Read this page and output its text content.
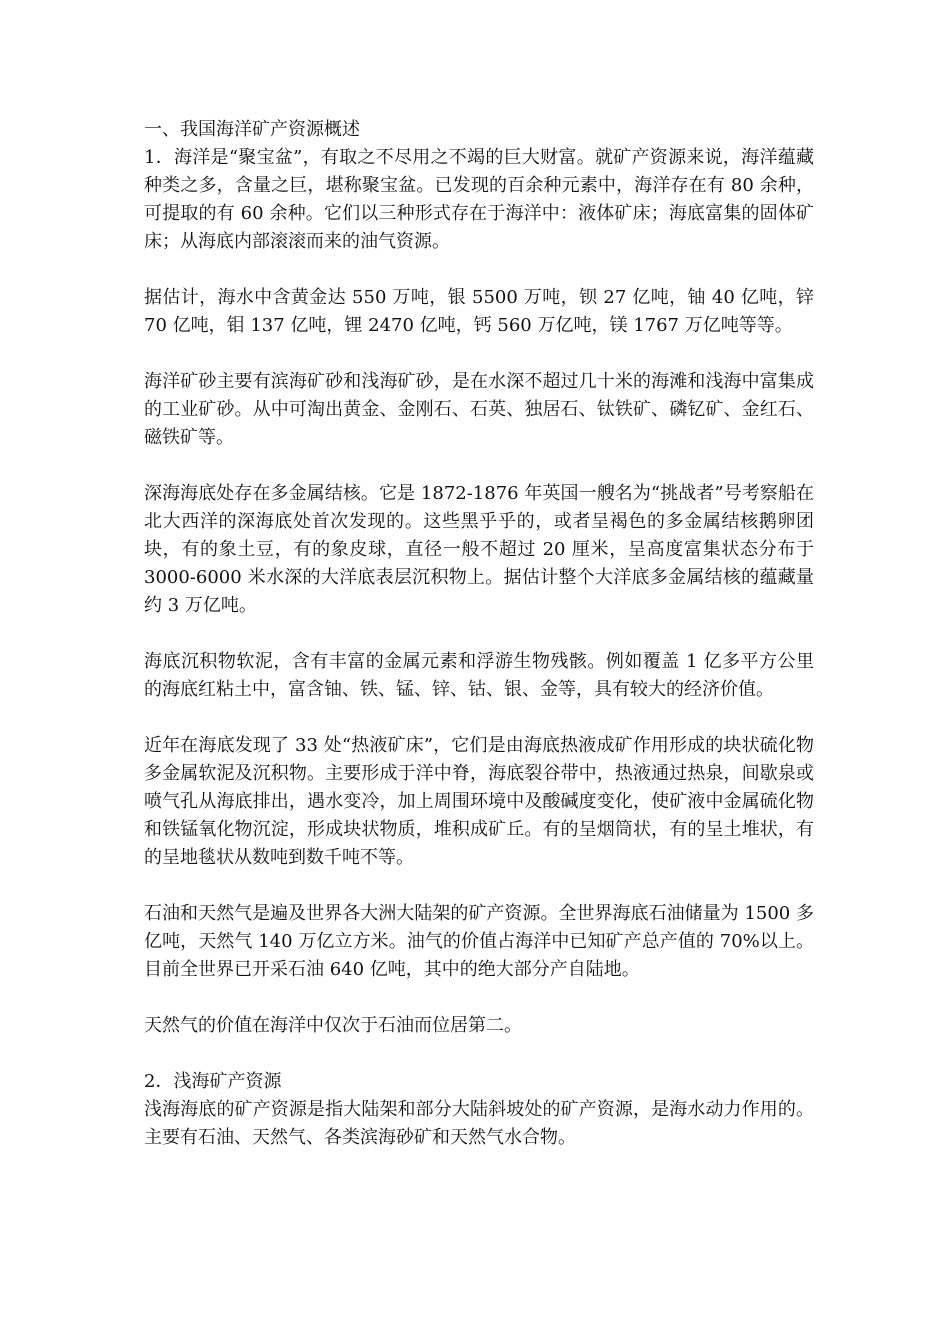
一、我国海洋矿产资源概述

1．海洋是“聚宝盆”，有取之不尽用之不竭的巨大财富。就矿产资源来说，海洋蕴藏种类之多，含量之巨，堪称聚宝盆。已发现的百余种元素中，海洋存在有 80 余种，可提取的有 60 余种。它们以三种形式存在于海洋中：液体矿床；海底富集的固体矿床；从海底内部滚滚而来的油气资源。

据估计，海水中含黄金达 550 万吨，银 5500 万吨，钡 27 亿吨，铀 40 亿吨，锌 70 亿吨，钼 137 亿吨，锂 2470 亿吨，钙 560 万亿吨，镁 1767 万亿吨等等。

海洋矿砂主要有滨海矿砂和浅海矿砂，是在水深不超过几十米的海滩和浅海中富集成的工业矿砂。从中可淘出黄金、金刚石、石英、独居石、钛铁矿、磷钇矿、金红石、磁铁矿等。

深海海底处存在多金属结核。它是 1872-1876 年英国一艘名为“挑战者”号考察船在北大西洋的深海底处首次发现的。这些黑乎乎的，或者呈褐色的多金属结核鹅卵团块，有的象土豆，有的象皮球，直径一般不超过 20 厘米，呈高度富集状态分布于 3000-6000 米水深的大洋底表层沉积物上。据估计整个大洋底多金属结核的蕴藏量约 3 万亿吨。

海底沉积物软泥，含有丰富的金属元素和浮游生物残骸。例如覆盖 1 亿多平方公里的海底红粘土中，富含铀、铁、锰、锌、钴、银、金等，具有较大的经济价值。

近年在海底发现了 33 处“热液矿床”，它们是由海底热液成矿作用形成的块状硫化物多金属软泥及沉积物。主要形成于洋中脊，海底裂谷带中，热液通过热泉，间歇泉或喷气孔从海底排出，遇水变冷，加上周围环境中及酸碱度变化，使矿液中金属硫化物和铁锰氧化物沉淀，形成块状物质，堆积成矿丘。有的呈烟筒状，有的呈土堆状，有的呈地毯状从数吨到数千吨不等。

石油和天然气是遍及世界各大洲大陆架的矿产资源。全世界海底石油储量为 1500 多亿吨，天然气 140 万亿立方米。油气的价值占海洋中已知矿产总产值的 70%以上。目前全世界已开采石油 640 亿吨，其中的绝大部分产自陆地。

天然气的价值在海洋中仅次于石油而位居第二。

2．浅海矿产资源

浅海海底的矿产资源是指大陆架和部分大陆斜坡处的矿产资源，是海水动力作用的。主要有石油、天然气、各类滨海砂矿和天然气水合物。
